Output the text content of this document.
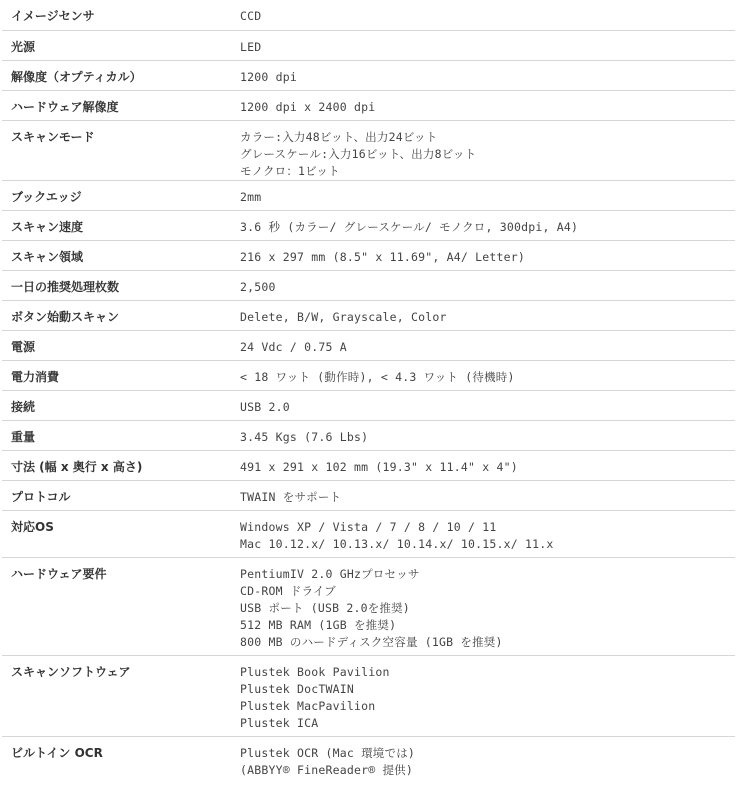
イメージセンサ	CCD

光源	LED

解像度（オプティカル）	1200 dpi

ハードウェア解像度	1200 dpi x 2400 dpi

スキャンモード	カラー:入力48ビット、出力24ビット
グレースケール:入力16ビット、出力8ビット
モノクロ：1ビット

ブックエッジ	2mm

スキャン速度	3.6 秒 (カラー/ グレースケール/ モノクロ, 300dpi, A4)

スキャン領域	216 x 297 mm (8.5" x 11.69", A4/ Letter)

一日の推奨処理枚数	2,500

ボタン始動スキャン	Delete, B/W, Grayscale, Color

電源	24 Vdc / 0.75 A

電力消費	< 18 ワット (動作時), < 4.3 ワット (待機時)

接続	USB 2.0

重量	3.45 Kgs (7.6 Lbs)

寸法 (幅 x 奥行 x 高さ)	491 x 291 x 102 mm (19.3" x 11.4" x 4")

プロトコル	TWAIN をサポート

対応OS	Windows XP / Vista / 7 / 8 / 10 / 11
Mac 10.12.x/ 10.13.x/ 10.14.x/ 10.15.x/ 11.x

ハードウェア要件	PentiumIV 2.0 GHzプロセッサ
CD-ROM ドライブ
USB ポート (USB 2.0を推奨)
512 MB RAM (1GB を推奨)
800 MB のハードディスク空容量 (1GB を推奨)

スキャンソフトウェア	Plustek Book Pavilion
Plustek DocTWAIN
Plustek MacPavilion
Plustek ICA

ビルトイン OCR	Plustek OCR (Mac 環境では)
(ABBYY® FineReader® 提供)
